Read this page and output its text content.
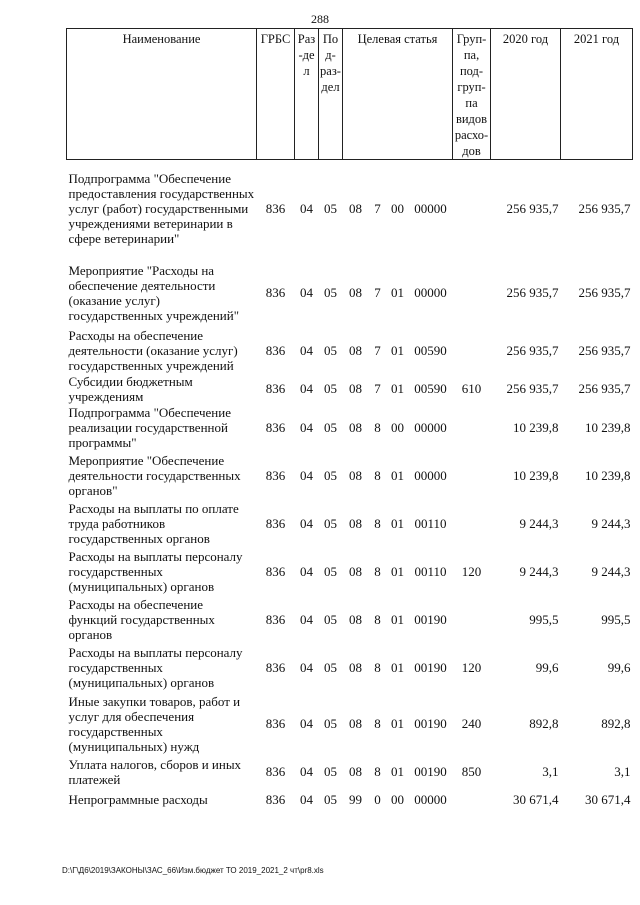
288
Наименование	ГРБС	Раз-дел	Под-раз-дел	Целевая статья				Груп-па, под-груп-па видов расхо-дов	2020 год	2021 год
Подпрограмма "Обеспечение предоставления государственных услуг (работ) государственными учреждениями ветеринарии в сфере ветеринарии"	836	04	05	08	7	00	00000		256 935,7	256 935,7
Мероприятие "Расходы на обеспечение деятельности (оказание услуг) государственных учреждений"	836	04	05	08	7	01	00000		256 935,7	256 935,7
Расходы на обеспечение деятельности (оказание услуг) государственных учреждений	836	04	05	08	7	01	00590		256 935,7	256 935,7
Субсидии бюджетным учреждениям	836	04	05	08	7	01	00590	610	256 935,7	256 935,7
Подпрограмма "Обеспечение реализации государственной программы"	836	04	05	08	8	00	00000		10 239,8	10 239,8
Мероприятие "Обеспечение деятельности государственных органов"	836	04	05	08	8	01	00000		10 239,8	10 239,8
Расходы на выплаты по оплате труда работников государственных органов	836	04	05	08	8	01	00110		9 244,3	9 244,3
Расходы на выплаты персоналу государственных (муниципальных) органов	836	04	05	08	8	01	00110	120	9 244,3	9 244,3
Расходы на обеспечение функций государственных органов	836	04	05	08	8	01	00190		995,5	995,5
Расходы на выплаты персоналу государственных (муниципальных) органов	836	04	05	08	8	01	00190	120	99,6	99,6
Иные закупки товаров, работ и услуг для обеспечения государственных (муниципальных) нужд	836	04	05	08	8	01	00190	240	892,8	892,8
Уплата налогов, сборов и иных платежей	836	04	05	08	8	01	00190	850	3,1	3,1
Непрограммные расходы	836	04	05	99	0	00	00000		30 671,4	30 671,4
D:\Г\Д6\2019\ЗАКОНЫ\ЗАС_66\Изм.бюджет ТО 2019_2021_2 чт\pr8.xls
